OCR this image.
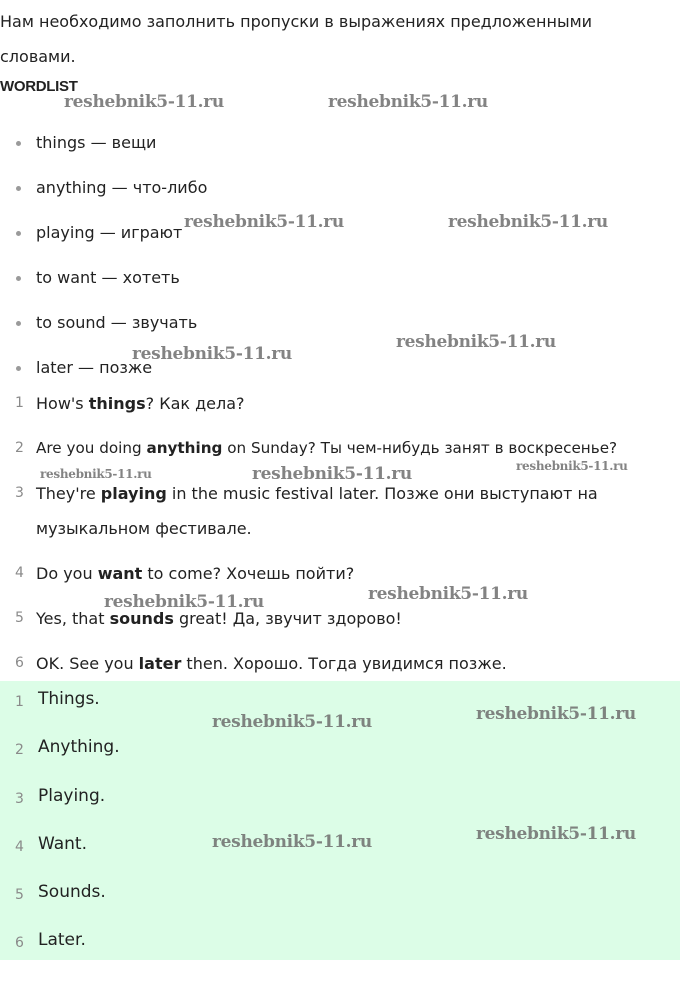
Нам необходимо заполнить пропуски в выражениях предложенными словами.
WORDLIST
things — вещи
anything — что-либо
playing — играют
to want — хотеть
to sound — звучать
later — позже
1 How's things? Как дела?
2 Are you doing anything on Sunday? Ты чем-нибудь занят в воскресенье?
3 They're playing in the music festival later. Позже они выступают на музыкальном фестивале.
4 Do you want to come? Хочешь пойти?
5 Yes, that sounds great! Да, звучит здорово!
6 OK. See you later then. Хорошо. Тогда увидимся позже.
1 Things.
2 Anything.
3 Playing.
4 Want.
5 Sounds.
6 Later.
reshebnik5-11.ru	reshebnik5-11.ru
reshebnik5-11.ru	reshebnik5-11.ru
reshebnik5-11.ru
reshebnik5-11.ru
reshebnik5-11.ru	reshebnik5-11.ru	reshebnik5-11.ru
reshebnik5-11.ru
reshebnik5-11.ru
reshebnik5-11.ru
reshebnik5-11.ru
reshebnik5-11.ru
reshebnik5-11.ru
